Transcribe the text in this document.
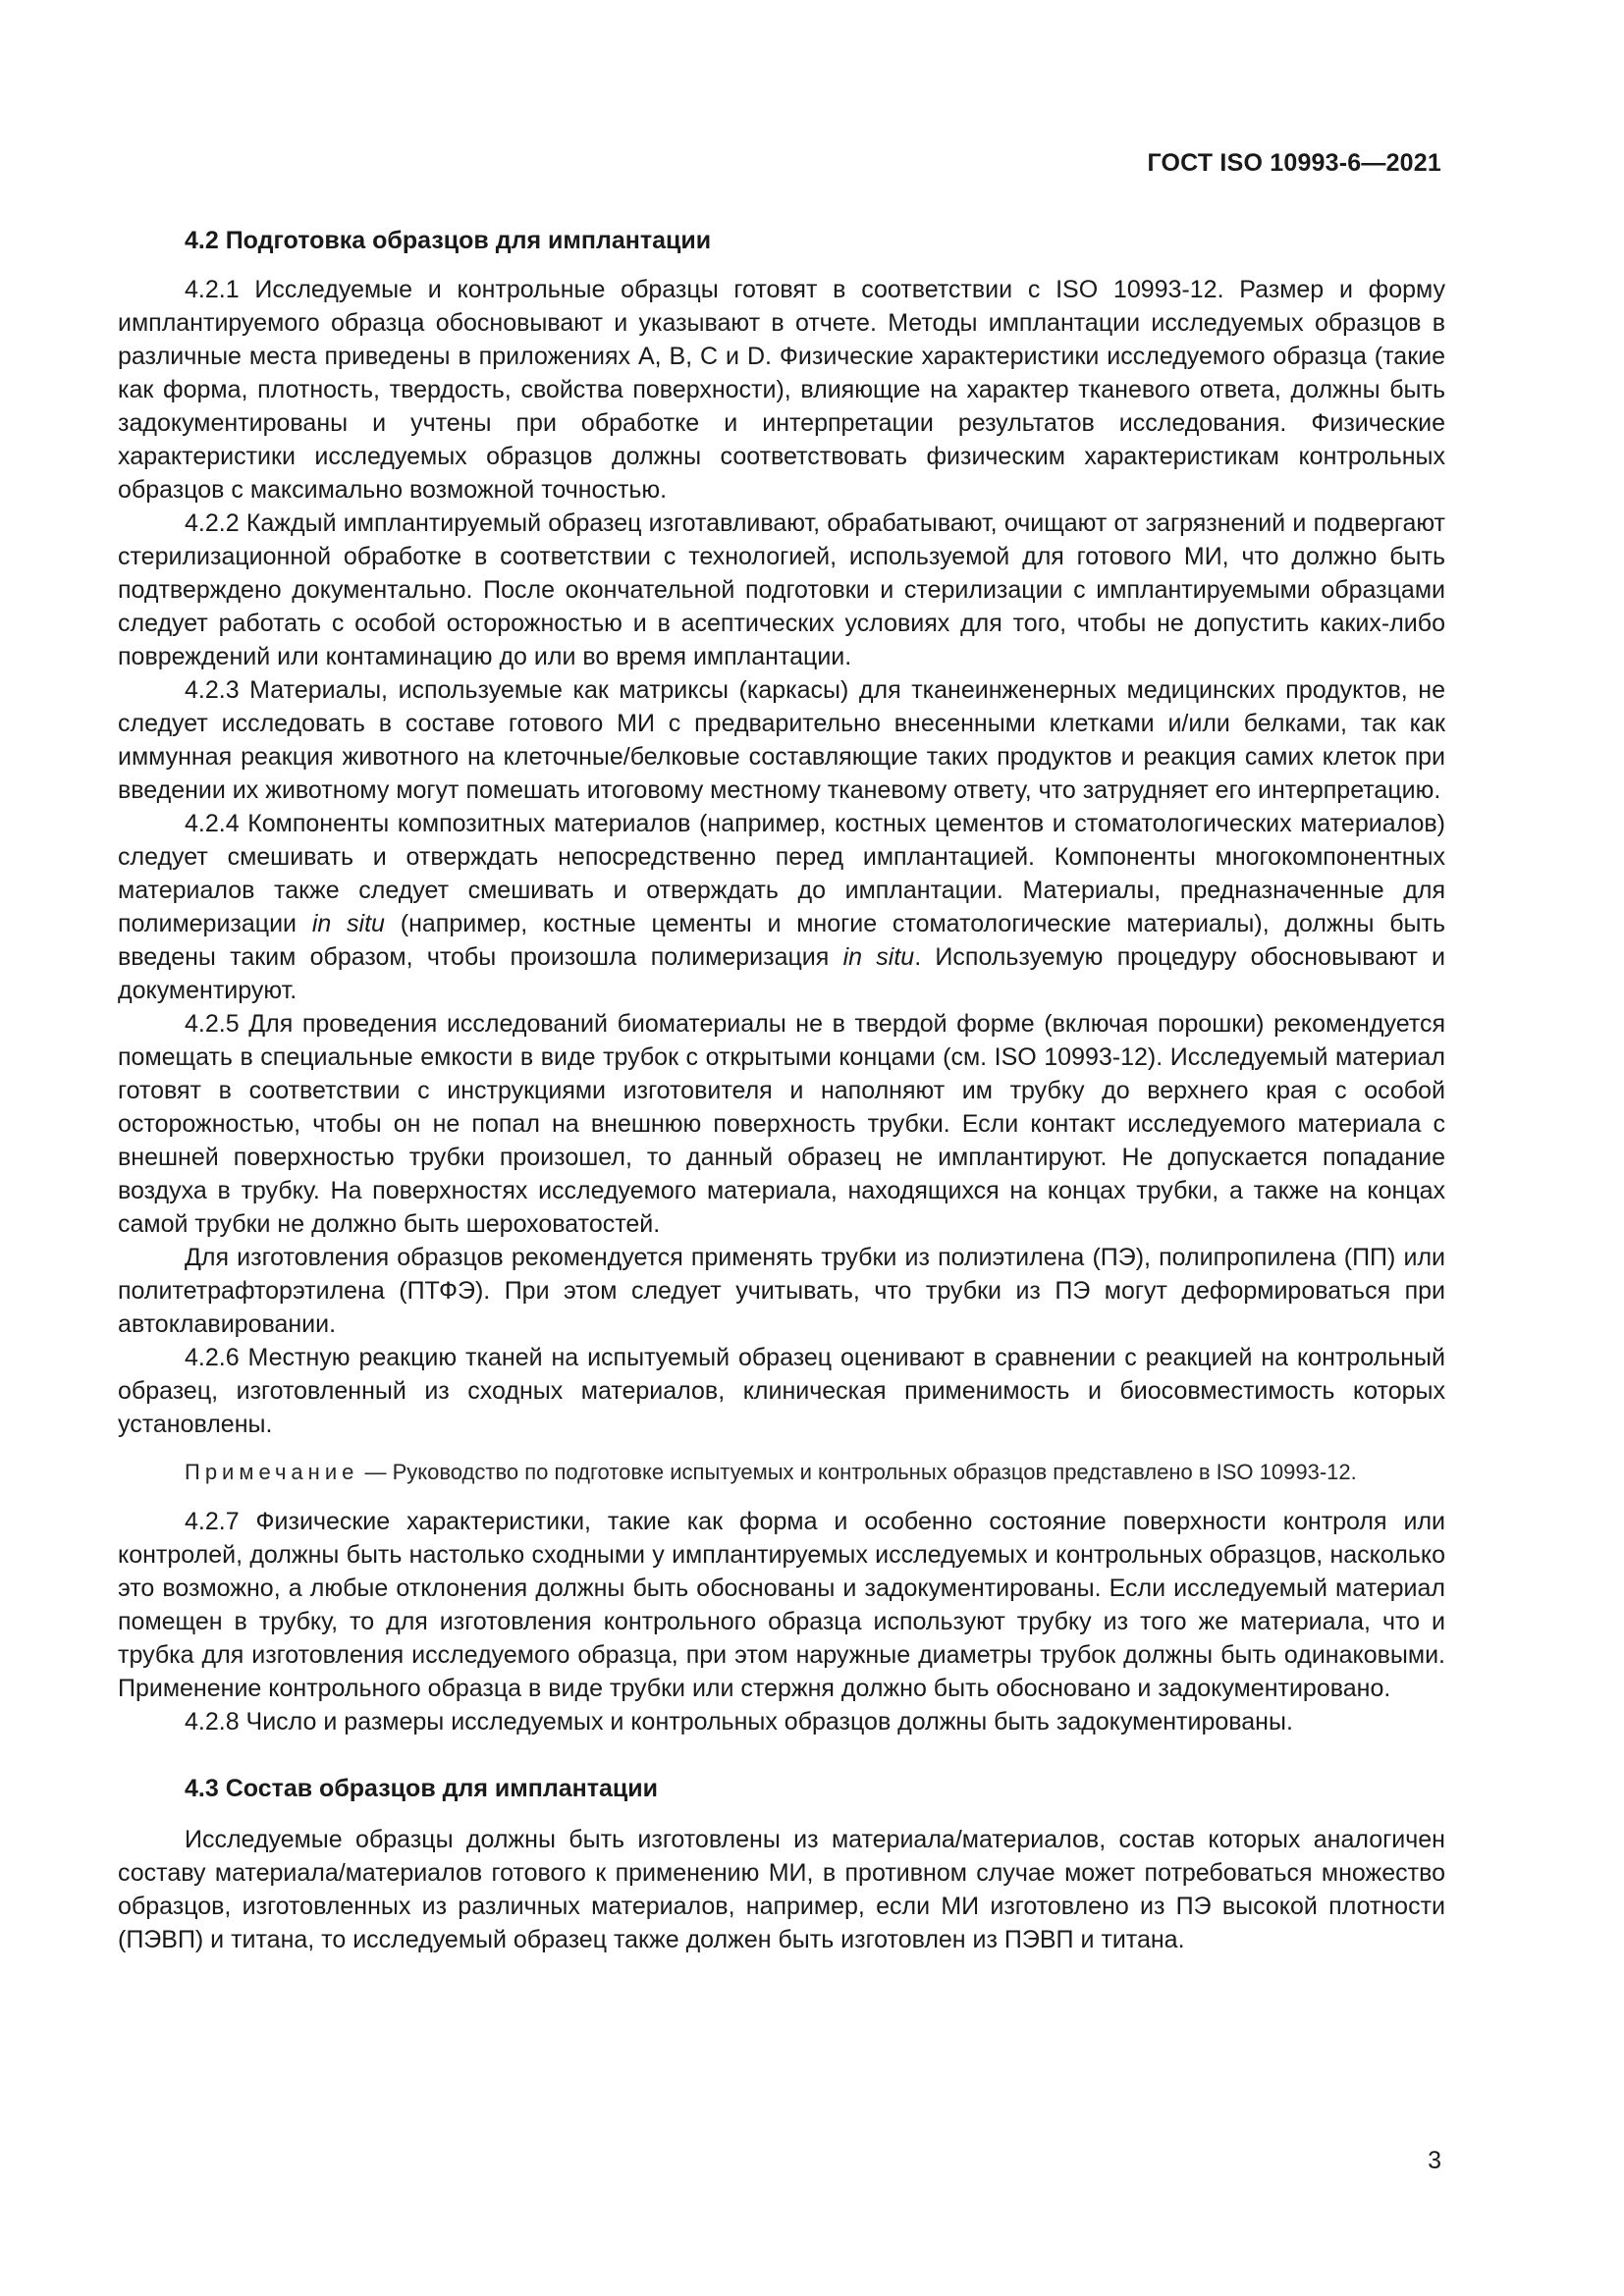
ГОСТ ISO 10993-6—2021
4.2 Подготовка образцов для имплантации

4.2.1 Исследуемые и контрольные образцы готовят в соответствии с ISO 10993-12. Размер и форму имплантируемого образца обосновывают и указывают в отчете. Методы имплантации исследуемых образцов в различные места приведены в приложениях А, В, С и D. Физические характеристики исследуемого образца (такие как форма, плотность, твердость, свойства поверхности), влияющие на характер тканевого ответа, должны быть задокументированы и учтены при обработке и интерпретации результатов исследования. Физические характеристики исследуемых образцов должны соответствовать физическим характеристикам контрольных образцов с максимально возможной точностью.

4.2.2 Каждый имплантируемый образец изготавливают, обрабатывают, очищают от загрязнений и подвергают стерилизационной обработке в соответствии с технологией, используемой для готового МИ, что должно быть подтверждено документально. После окончательной подготовки и стерилизации с имплантируемыми образцами следует работать с особой осторожностью и в асептических условиях для того, чтобы не допустить каких-либо повреждений или контаминацию до или во время имплантации.

4.2.3 Материалы, используемые как матриксы (каркасы) для тканеинженерных медицинских продуктов, не следует исследовать в составе готового МИ с предварительно внесенными клетками и/или белками, так как иммунная реакция животного на клеточные/белковые составляющие таких продуктов и реакция самих клеток при введении их животному могут помешать итоговому местному тканевому ответу, что затрудняет его интерпретацию.

4.2.4 Компоненты композитных материалов (например, костных цементов и стоматологических материалов) следует смешивать и отверждать непосредственно перед имплантацией. Компоненты многокомпонентных материалов также следует смешивать и отверждать до имплантации. Материалы, предназначенные для полимеризации in situ (например, костные цементы и многие стоматологические материалы), должны быть введены таким образом, чтобы произошла полимеризация in situ. Используемую процедуру обосновывают и документируют.

4.2.5 Для проведения исследований биоматериалы не в твердой форме (включая порошки) рекомендуется помещать в специальные емкости в виде трубок с открытыми концами (см. ISO 10993-12). Исследуемый материал готовят в соответствии с инструкциями изготовителя и наполняют им трубку до верхнего края с особой осторожностью, чтобы он не попал на внешнюю поверхность трубки. Если контакт исследуемого материала с внешней поверхностью трубки произошел, то данный образец не имплантируют. Не допускается попадание воздуха в трубку. На поверхностях исследуемого материала, находящихся на концах трубки, а также на концах самой трубки не должно быть шероховатостей.

Для изготовления образцов рекомендуется применять трубки из полиэтилена (ПЭ), полипропилена (ПП) или политетрафторэтилена (ПТФЭ). При этом следует учитывать, что трубки из ПЭ могут деформироваться при автоклавировании.

4.2.6 Местную реакцию тканей на испытуемый образец оценивают в сравнении с реакцией на контрольный образец, изготовленный из сходных материалов, клиническая применимость и биосовместимость которых установлены.

Примечание — Руководство по подготовке испытуемых и контрольных образцов представлено в ISO 10993-12.

4.2.7 Физические характеристики, такие как форма и особенно состояние поверхности контроля или контролей, должны быть настолько сходными у имплантируемых исследуемых и контрольных образцов, насколько это возможно, а любые отклонения должны быть обоснованы и задокументированы. Если исследуемый материал помещен в трубку, то для изготовления контрольного образца используют трубку из того же материала, что и трубка для изготовления исследуемого образца, при этом наружные диаметры трубок должны быть одинаковыми. Применение контрольного образца в виде трубки или стержня должно быть обосновано и задокументировано.

4.2.8 Число и размеры исследуемых и контрольных образцов должны быть задокументированы.

4.3 Состав образцов для имплантации

Исследуемые образцы должны быть изготовлены из материала/материалов, состав которых аналогичен составу материала/материалов готового к применению МИ, в противном случае может потребоваться множество образцов, изготовленных из различных материалов, например, если МИ изготовлено из ПЭ высокой плотности (ПЭВП) и титана, то исследуемый образец также должен быть изготовлен из ПЭВП и титана.

3
